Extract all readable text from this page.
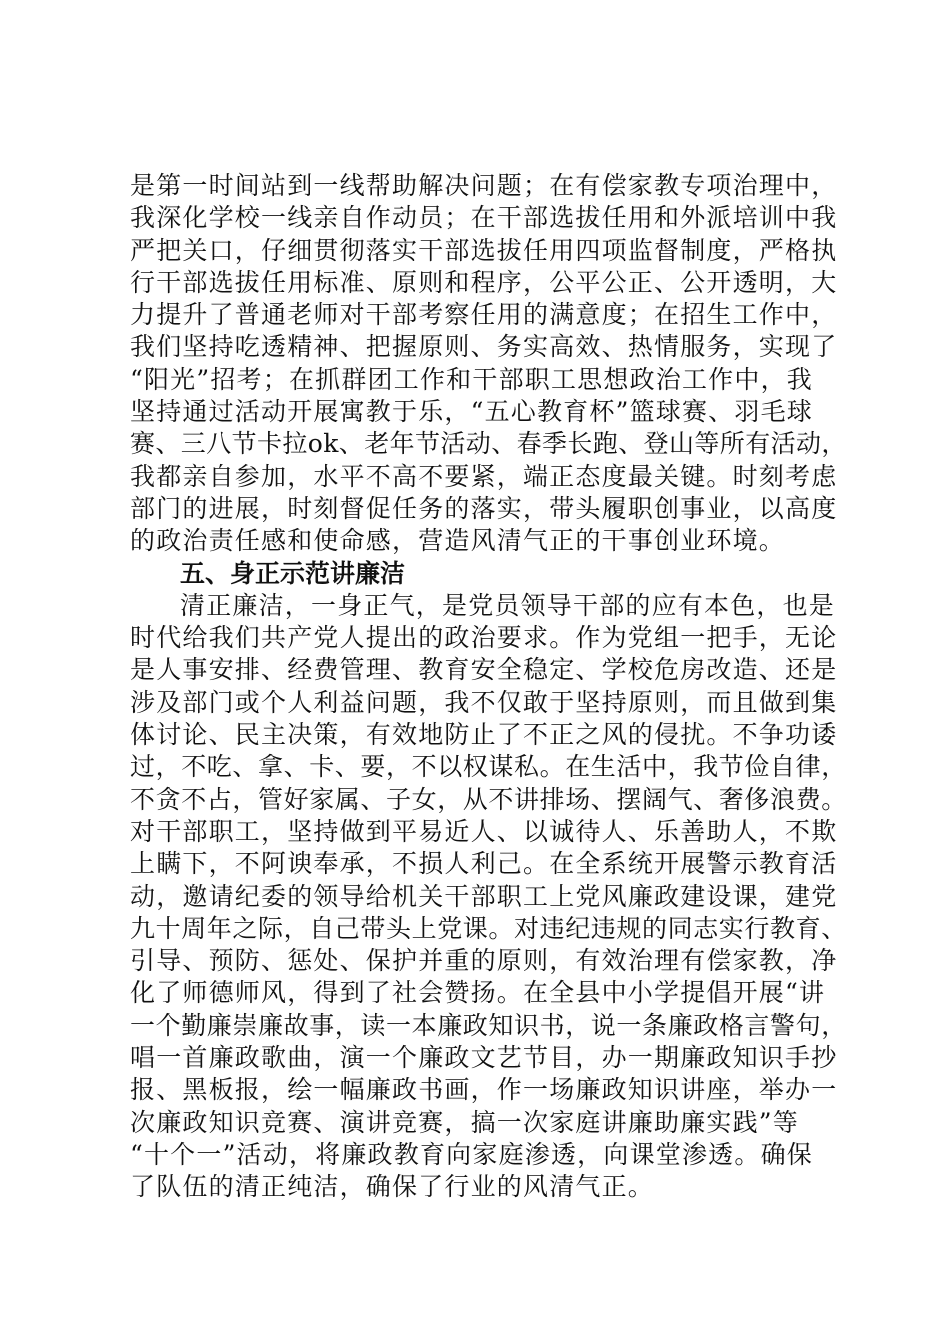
是第一时间站到一线帮助解决问题；在有偿家教专项治理中，
我深化学校一线亲自作动员；在干部选拔任用和外派培训中我
严把关口，仔细贯彻落实干部选拔任用四项监督制度，严格执
行干部选拔任用标准、原则和程序，公平公正、公开透明，大
力提升了普通老师对干部考察任用的满意度；在招生工作中，
我们坚持吃透精神、把握原则、务实高效、热情服务，实现了
“阳光”招考；在抓群团工作和干部职工思想政治工作中，我
坚持通过活动开展寓教于乐，“五心教育杯”篮球赛、羽毛球
赛、三八节卡拉ok、老年节活动、春季长跑、登山等所有活动，
我都亲自参加，水平不高不要紧，端正态度最关键。时刻考虑
部门的进展，时刻督促任务的落实，带头履职创事业，以高度
的政治责任感和使命感，营造风清气正的干事创业环境。
五、身正示范讲廉洁
清正廉洁，一身正气，是党员领导干部的应有本色，也是
时代给我们共产党人提出的政治要求。作为党组一把手，无论
是人事安排、经费管理、教育安全稳定、学校危房改造、还是
涉及部门或个人利益问题，我不仅敢于坚持原则，而且做到集
体讨论、民主决策，有效地防止了不正之风的侵扰。不争功诿
过，不吃、拿、卡、要，不以权谋私。在生活中，我节俭自律，
不贪不占，管好家属、子女，从不讲排场、摆阔气、奢侈浪费。
对干部职工，坚持做到平易近人、以诚待人、乐善助人，不欺
上瞒下，不阿谀奉承，不损人利己。在全系统开展警示教育活
动，邀请纪委的领导给机关干部职工上党风廉政建设课，建党
九十周年之际，自己带头上党课。对违纪违规的同志实行教育、
引导、预防、惩处、保护并重的原则，有效治理有偿家教，净
化了师德师风，得到了社会赞扬。在全县中小学提倡开展“讲
一个勤廉崇廉故事，读一本廉政知识书，说一条廉政格言警句，
唱一首廉政歌曲，演一个廉政文艺节目，办一期廉政知识手抄
报、黑板报，绘一幅廉政书画，作一场廉政知识讲座，举办一
次廉政知识竞赛、演讲竞赛，搞一次家庭讲廉助廉实践”等
“十个一”活动，将廉政教育向家庭渗透，向课堂渗透。确保
了队伍的清正纯洁，确保了行业的风清气正。
